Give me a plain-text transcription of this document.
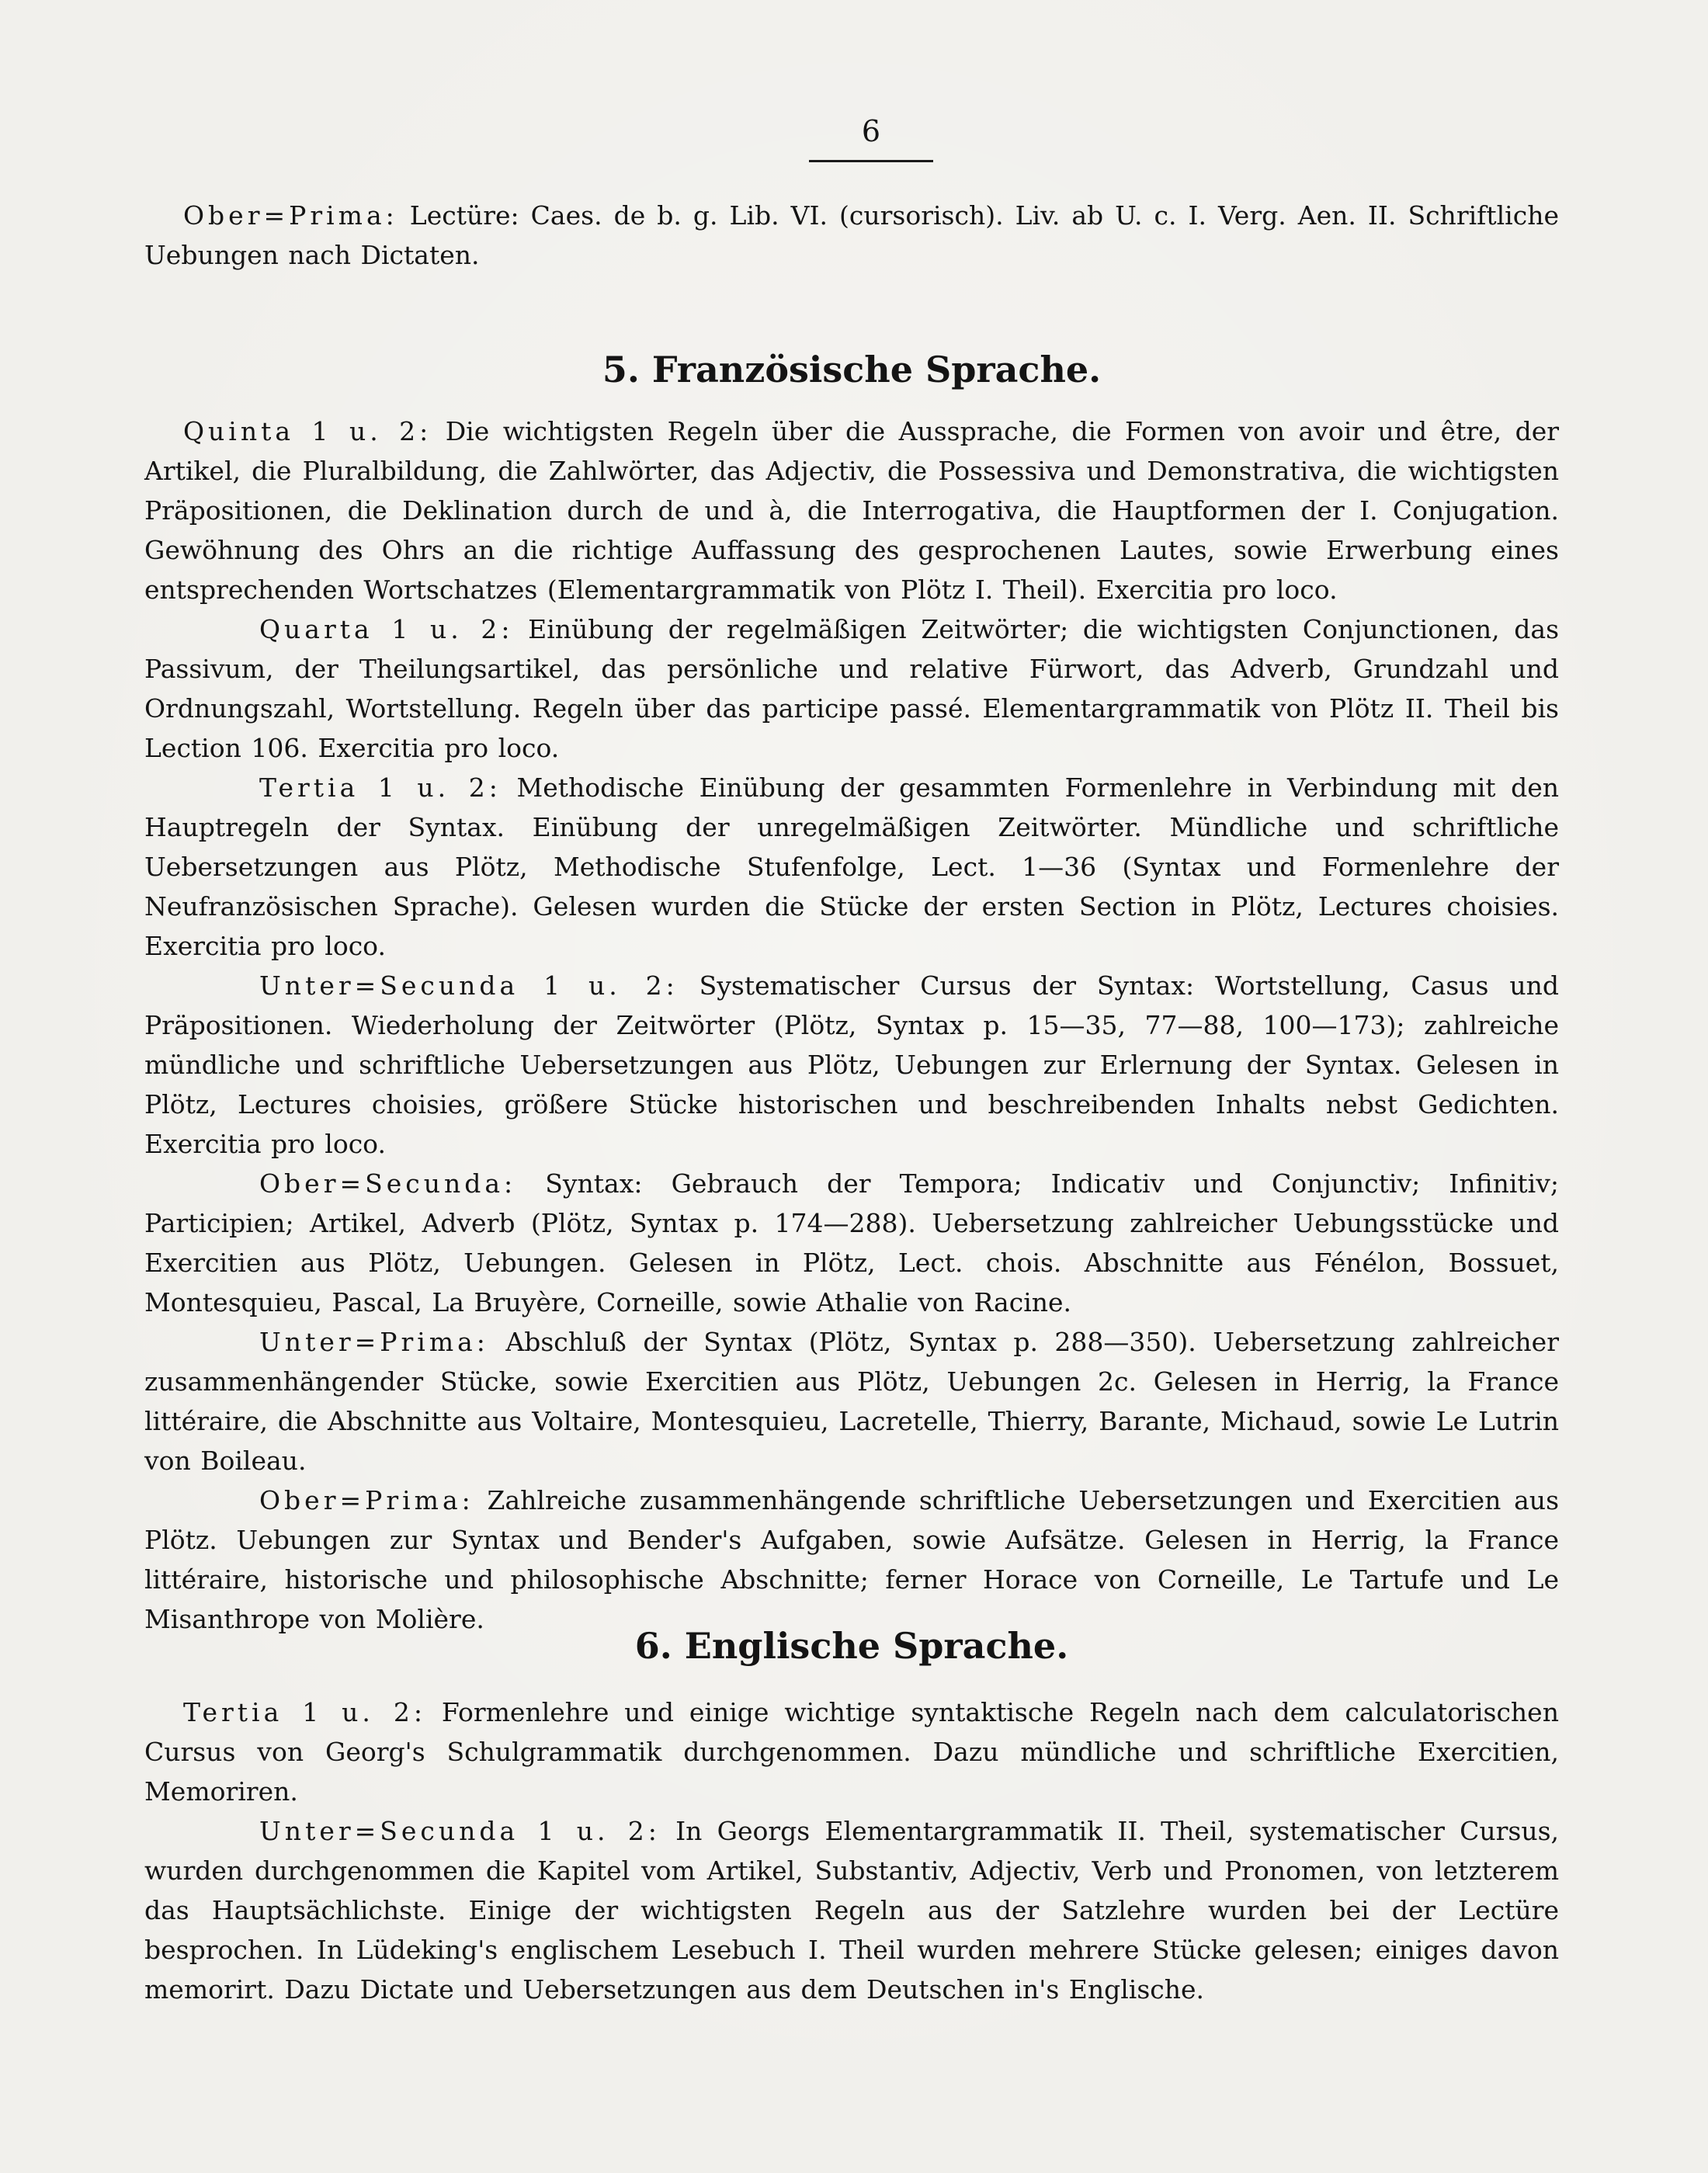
6

Ober=Prima: Lectüre: Caes. de b. g. Lib. VI. (cursorisch). Liv. ab U. c. I. Verg. Aen. II. Schriftliche Uebungen nach Dictaten.

5. Französische Sprache.

Quinta 1 u. 2: Die wichtigsten Regeln über die Aussprache, die Formen von avoir und être, der Artikel, die Pluralbildung, die Zahlwörter, das Adjectiv, die Possessiva und Demonstrativa, die wichtigsten Präpositionen, die Deklination durch de und à, die Interrogativa, die Hauptformen der I. Conjugation. Gewöhnung des Ohrs an die richtige Auffassung des gesprochenen Lautes, sowie Erwerbung eines entsprechenden Wortschatzes (Elementargrammatik von Plötz I. Theil). Exercitia pro loco.

Quarta 1 u. 2: Einübung der regelmäßigen Zeitwörter; die wichtigsten Conjunctionen, das Passivum, der Theilungsartikel, das persönliche und relative Fürwort, das Adverb, Grundzahl und Ordnungszahl, Wortstellung. Regeln über das participe passé. Elementargrammatik von Plötz II. Theil bis Lection 106. Exercitia pro loco.

Tertia 1 u. 2: Methodische Einübung der gesammten Formenlehre in Verbindung mit den Hauptregeln der Syntax. Einübung der unregelmäßigen Zeitwörter. Mündliche und schriftliche Uebersetzungen aus Plötz, Methodische Stufenfolge, Lect. 1—36 (Syntax und Formenlehre der Neufranzösischen Sprache). Gelesen wurden die Stücke der ersten Section in Plötz, Lectures choisies. Exercitia pro loco.

Unter=Secunda 1 u. 2: Systematischer Cursus der Syntax: Wortstellung, Casus und Präpositionen. Wiederholung der Zeitwörter (Plötz, Syntax p. 15—35, 77—88, 100—173); zahlreiche mündliche und schriftliche Uebersetzungen aus Plötz, Uebungen zur Erlernung der Syntax. Gelesen in Plötz, Lectures choisies, größere Stücke historischen und beschreibenden Inhalts nebst Gedichten. Exercitia pro loco.

Ober=Secunda: Syntax: Gebrauch der Tempora; Indicativ und Conjunctiv; Infinitiv; Participien; Artikel, Adverb (Plötz, Syntax p. 174—288). Uebersetzung zahlreicher Uebungsstücke und Exercitien aus Plötz, Uebungen. Gelesen in Plötz, Lect. chois. Abschnitte aus Fénélon, Bossuet, Montesquieu, Pascal, La Bruyère, Corneille, sowie Athalie von Racine.

Unter=Prima: Abschluß der Syntax (Plötz, Syntax p. 288—350). Uebersetzung zahlreicher zusammenhängender Stücke, sowie Exercitien aus Plötz, Uebungen 2c. Gelesen in Herrig, la France littéraire, die Abschnitte aus Voltaire, Montesquieu, Lacretelle, Thierry, Barante, Michaud, sowie Le Lutrin von Boileau.

Ober=Prima: Zahlreiche zusammenhängende schriftliche Uebersetzungen und Exercitien aus Plötz. Uebungen zur Syntax und Bender's Aufgaben, sowie Aufsätze. Gelesen in Herrig, la France littéraire, historische und philosophische Abschnitte; ferner Horace von Corneille, Le Tartufe und Le Misanthrope von Molière.

6. Englische Sprache.

Tertia 1 u. 2: Formenlehre und einige wichtige syntaktische Regeln nach dem calculatorischen Cursus von Georg's Schulgrammatik durchgenommen. Dazu mündliche und schriftliche Exercitien, Memoriren.

Unter=Secunda 1 u. 2: In Georgs Elementargrammatik II. Theil, systematischer Cursus, wurden durchgenommen die Kapitel vom Artikel, Substantiv, Adjectiv, Verb und Pronomen, von letzterem das Hauptsächlichste. Einige der wichtigsten Regeln aus der Satzlehre wurden bei der Lectüre besprochen. In Lüdeking's englischem Lesebuch I. Theil wurden mehrere Stücke gelesen; einiges davon memorirt. Dazu Dictate und Uebersetzungen aus dem Deutschen in's Englische.
